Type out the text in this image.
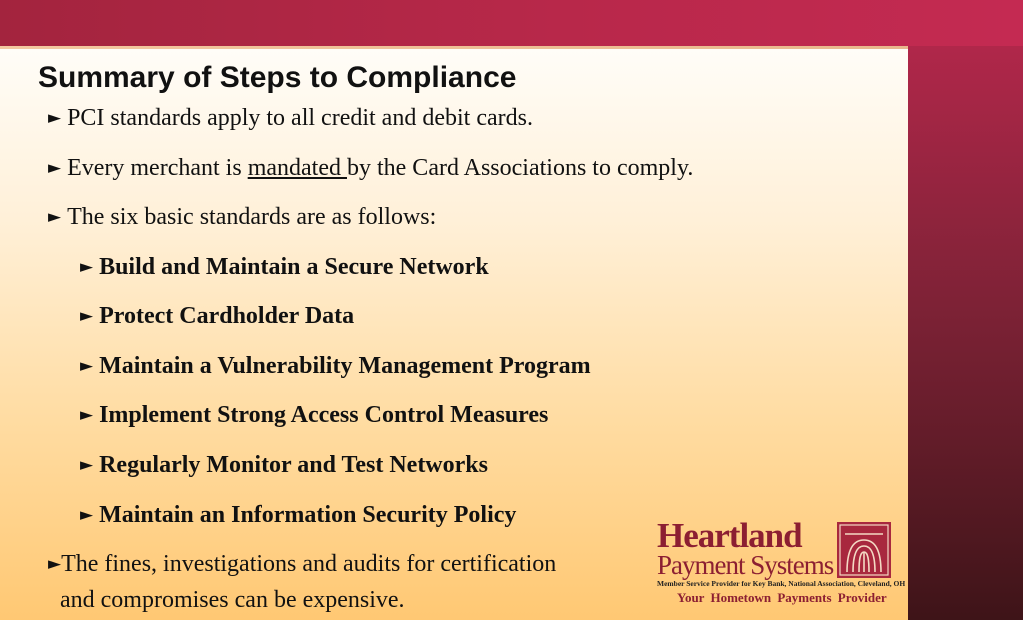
Summary of Steps to Compliance
► PCI standards apply to all credit and debit cards.
► Every merchant is mandated by the Card Associations to comply.
► The six basic standards are as follows:
► Build and Maintain a Secure Network
► Protect Cardholder Data
► Maintain a Vulnerability Management Program
► Implement Strong Access Control Measures
► Regularly Monitor and Test Networks
► Maintain an Information Security Policy
►The fines, investigations and audits for certification
and compromises can be expensive.
Heartland
Payment Systems
Member Service Provider for Key Bank, National Association, Cleveland, OH
Your Hometown Payments Provider
